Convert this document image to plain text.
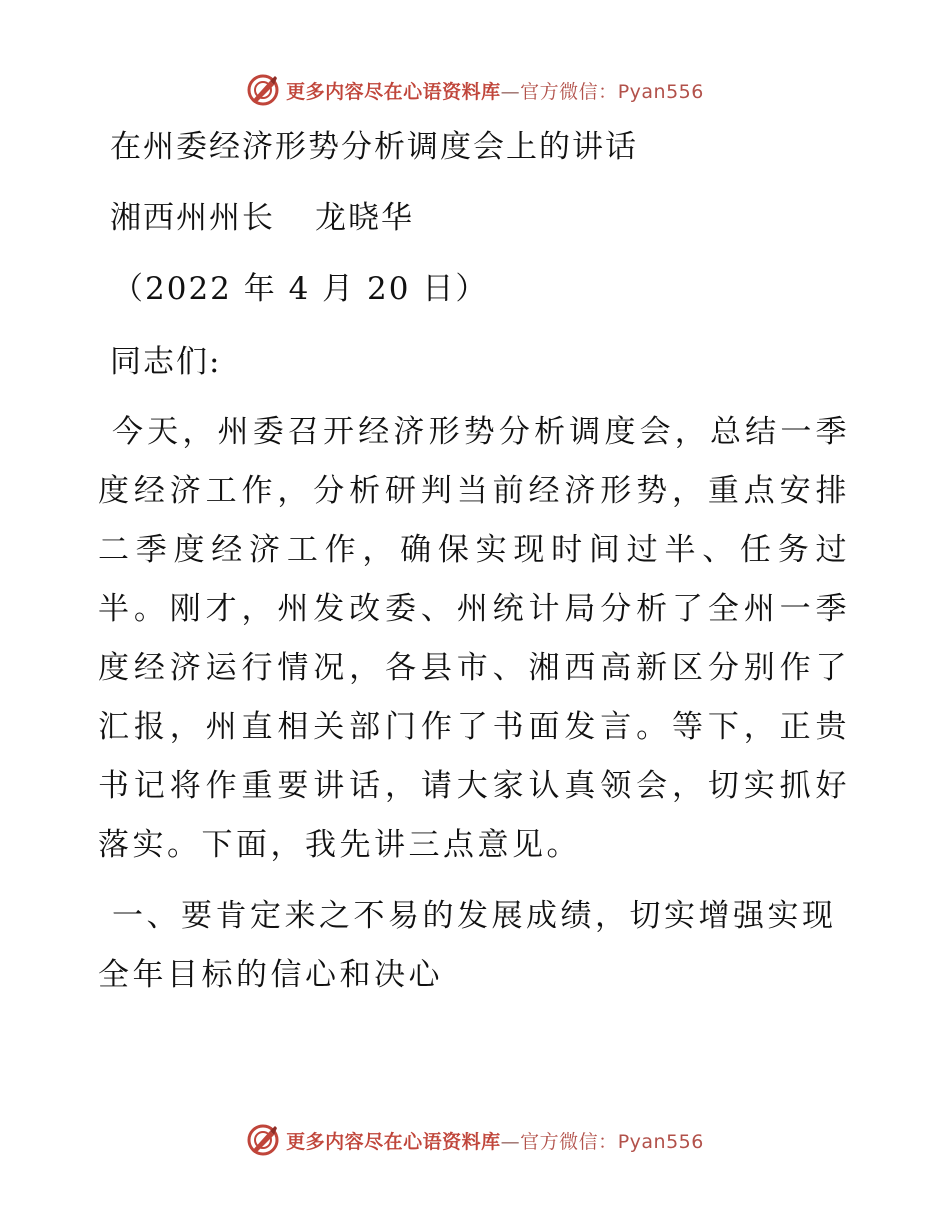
更多内容尽在心语资料库—官方微信：Pyan556
在州委经济形势分析调度会上的讲话
湘西州州长 龙晓华
（2022 年 4 月 20 日）
同志们:
今天，州委召开经济形势分析调度会，总结一季度经济工作，分析研判当前经济形势，重点安排二季度经济工作，确保实现时间过半、任务过半。刚才，州发改委、州统计局分析了全州一季度经济运行情况，各县市、湘西高新区分别作了汇报，州直相关部门作了书面发言。等下，正贵书记将作重要讲话，请大家认真领会，切实抓好落实。下面，我先讲三点意见。
一、要肯定来之不易的发展成绩，切实增强实现全年目标的信心和决心
更多内容尽在心语资料库—官方微信：Pyan556
